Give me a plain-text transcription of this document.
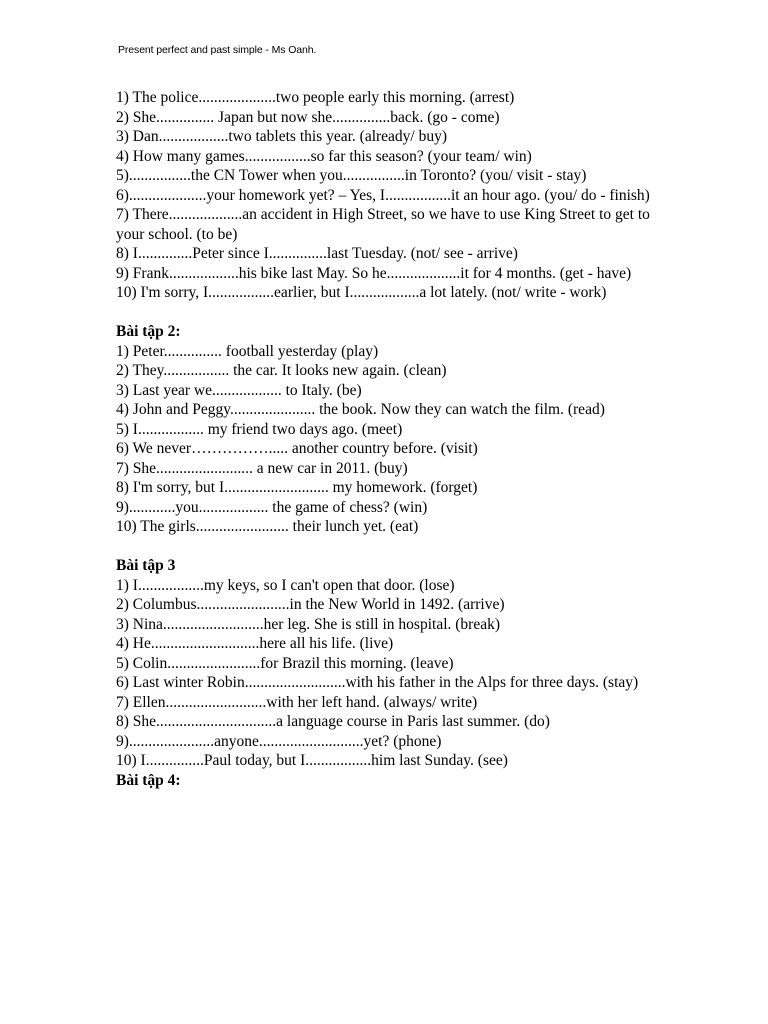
Present perfect and past simple - Ms Oanh.
1) The police....................two people early this morning. (arrest)
2) She............... Japan but now she...............back. (go - come)
3) Dan..................two tablets this year. (already/ buy)
4) How many games.................so far this season? (your team/ win)
5)................the CN Tower when you................in Toronto? (you/ visit - stay)
6)....................your homework yet? – Yes, I.................it an hour ago. (you/ do - finish)
7) There...................an accident in High Street, so we have to use King Street to get to your school. (to be)
8) I..............Peter since I...............last Tuesday. (not/ see - arrive)
9) Frank..................his bike last May. So he...................it for 4 months. (get - have)
10) I'm sorry, I.................earlier, but I..................a lot lately. (not/ write - work)
Bài tập 2:
1) Peter............... football yesterday (play)
2) They................. the car. It looks new again. (clean)
3) Last year we.................. to Italy. (be)
4) John and Peggy...................... the book. Now they can watch the film. (read)
5) I................. my friend two days ago. (meet)
6) We never……………..... another country before. (visit)
7) She......................... a new car in 2011. (buy)
8) I'm sorry, but I........................... my homework. (forget)
9)............you.................. the game of chess? (win)
10) The girls........................ their lunch yet. (eat)
Bài tập 3
1) I.................my keys, so I can't open that door. (lose)
2) Columbus........................in the New World in 1492. (arrive)
3) Nina..........................her leg. She is still in hospital. (break)
4) He............................here all his life. (live)
5) Colin........................for Brazil this morning. (leave)
6) Last winter Robin..........................with his father in the Alps for three days. (stay)
7) Ellen..........................with her left hand. (always/ write)
8) She...............................a language course in Paris last summer. (do)
9)......................anyone...........................yet? (phone)
10) I...............Paul today, but I.................him last Sunday. (see)
Bài tập 4:
